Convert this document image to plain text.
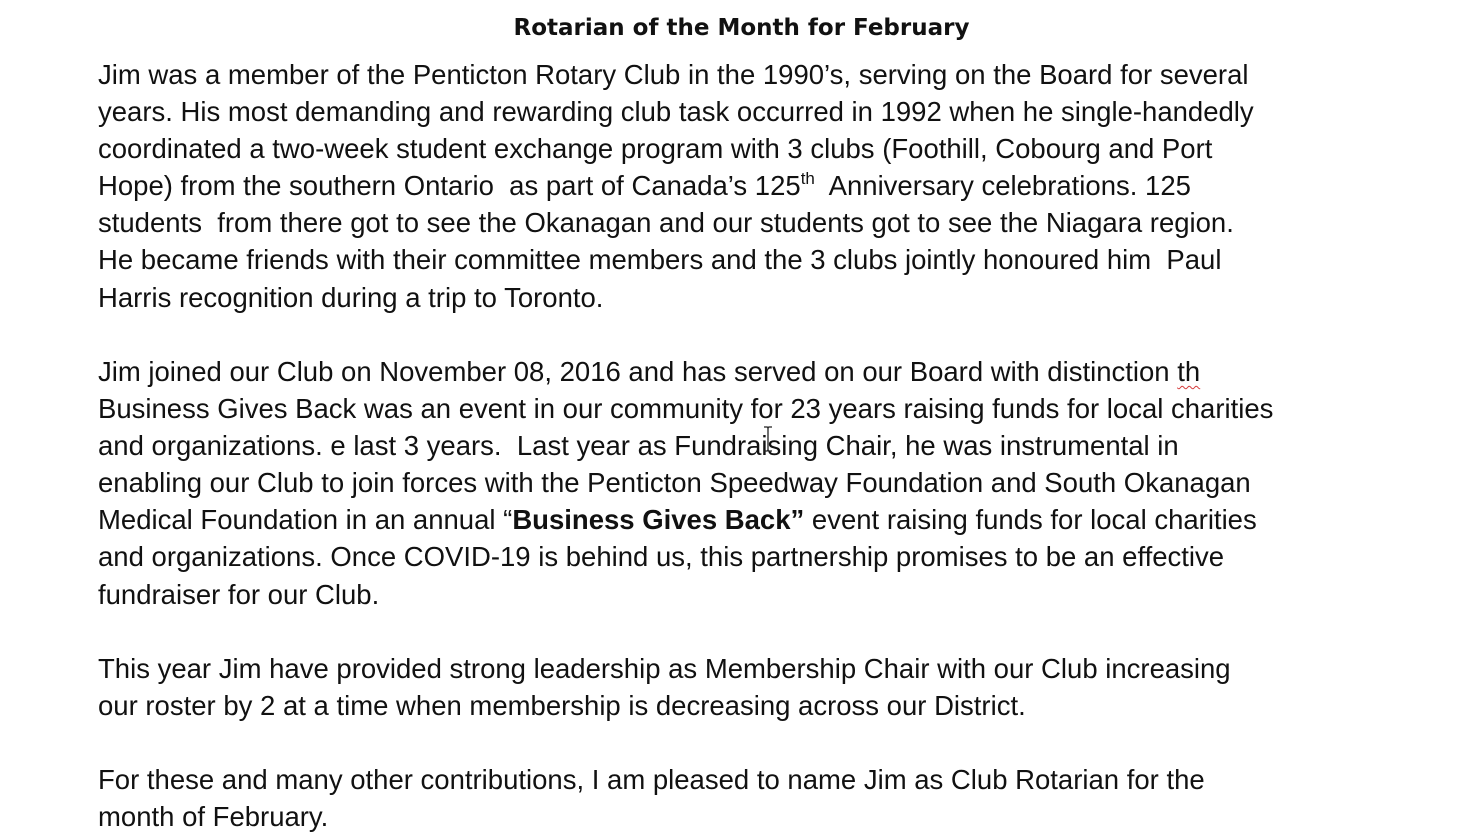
Rotarian of the Month for February

Jim was a member of the Penticton Rotary Club in the 1990’s, serving on the Board for several
years. His most demanding and rewarding club task occurred in 1992 when he single-handedly
coordinated a two-week student exchange program with 3 clubs (Foothill, Cobourg and Port
Hope) from the southern Ontario  as part of Canada’s 125th  Anniversary celebrations. 125
students  from there got to see the Okanagan and our students got to see the Niagara region.
He became friends with their committee members and the 3 clubs jointly honoured him  Paul
Harris recognition during a trip to Toronto.

Jim joined our Club on November 08, 2016 and has served on our Board with distinction th
Business Gives Back was an event in our community for 23 years raising funds for local charities
and organizations. e last 3 years.  Last year as Fundraising Chair, he was instrumental in
enabling our Club to join forces with the Penticton Speedway Foundation and South Okanagan
Medical Foundation in an annual “Business Gives Back” event raising funds for local charities
and organizations. Once COVID-19 is behind us, this partnership promises to be an effective
fundraiser for our Club.

This year Jim have provided strong leadership as Membership Chair with our Club increasing
our roster by 2 at a time when membership is decreasing across our District.

For these and many other contributions, I am pleased to name Jim as Club Rotarian for the
month of February.
